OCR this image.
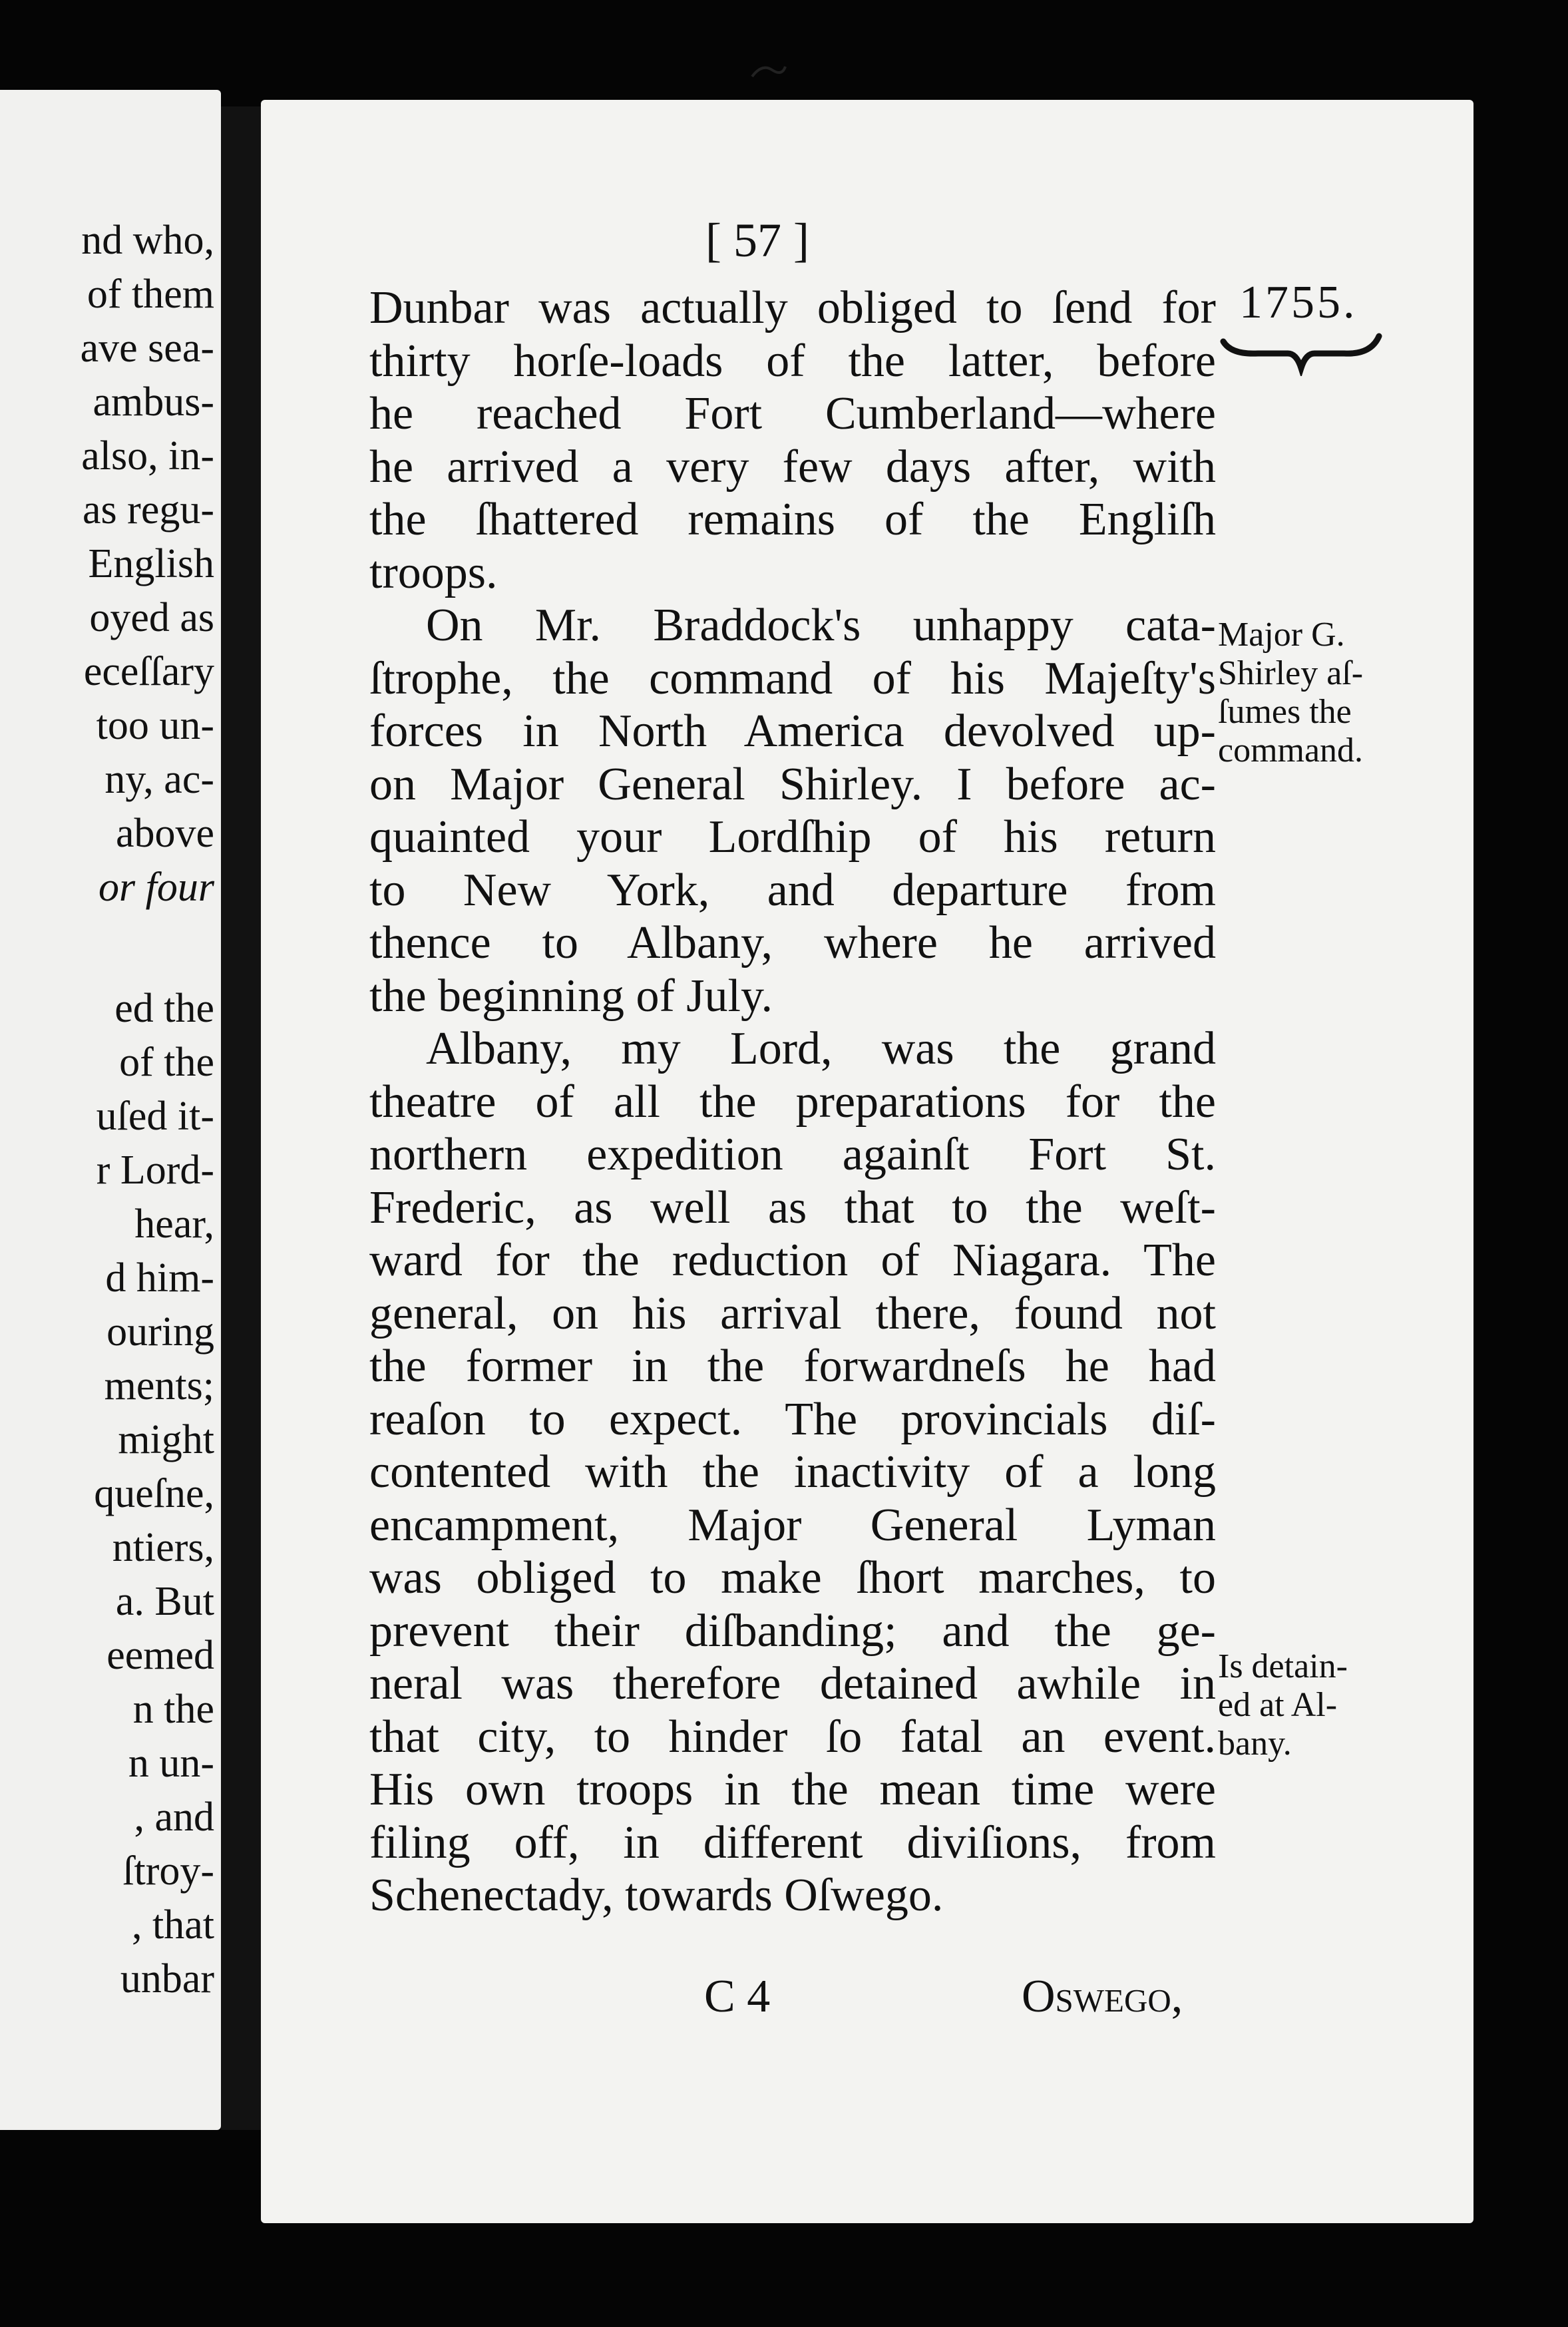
nd who,
of them
ave sea-
ambus-
also, in-
as regu-
English
oyed as
eceſſary
too un-
ny, ac-
above
or four
ed the
of the
uſed it-
r Lord-
hear,
d him-
ouring
ments;
might
queſne,
ntiers,
a. But
eemed
n the
n un-
, and
ſtroy-
, that
unbar
[ 57 ]
1755.
Dunbar was actually obliged to ſend for
thirty horſe-loads of the latter, before
he reached Fort Cumberland—where
he arrived a very few days after, with
the ſhattered remains of the Engliſh
troops.
On Mr. Braddock's unhappy cata-
ſtrophe, the command of his Majeſty's
forces in North America devolved up-
on Major General Shirley. I before ac-
quainted your Lordſhip of his return
to New York, and departure from
thence to Albany, where he arrived
the beginning of July.
Albany, my Lord, was the grand
theatre of all the preparations for the
northern expedition againſt Fort St.
Frederic, as well as that to the weſt-
ward for the reduction of Niagara. The
general, on his arrival there, found not
the former in the forwardneſs he had
reaſon to expect. The provincials diſ-
contented with the inactivity of a long
encampment, Major General Lyman
was obliged to make ſhort marches, to
prevent their diſbanding; and the ge-
neral was therefore detained awhile in
that city, to hinder ſo fatal an event.
His own troops in the mean time were
filing off, in different diviſions, from
Schenectady, towards Oſwego.
Major G.
Shirley aſ-
ſumes the
command.
Is detain-
ed at Al-
bany.
C 4	Oswego,
